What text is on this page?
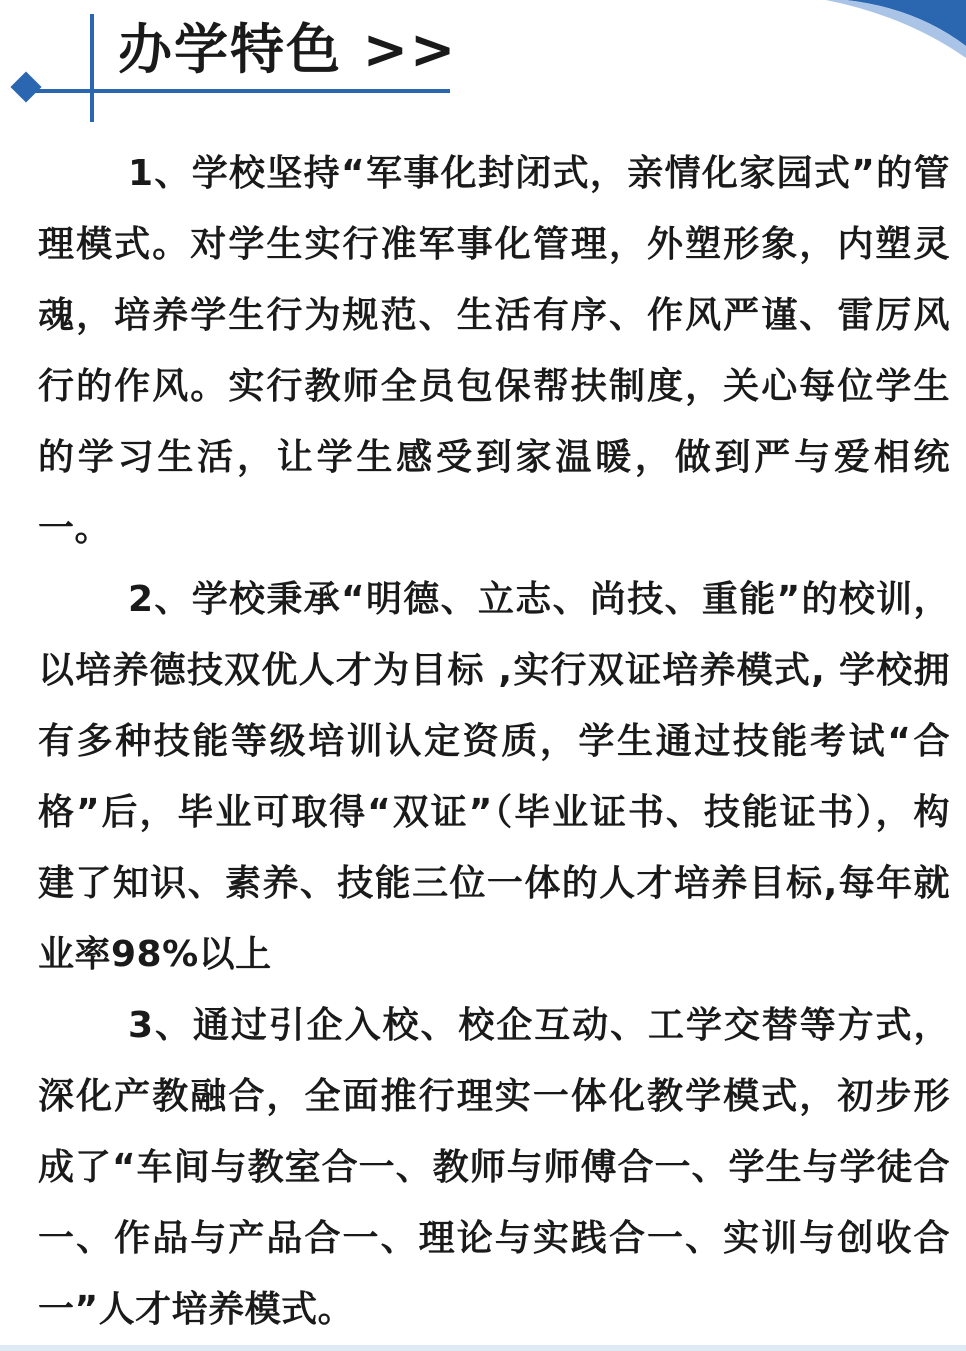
办学特色 >>

1、学校坚持“军事化封闭式，亲情化家园式”的管理模式。对学生实行准军事化管理，外塑形象，内塑灵魂，培养学生行为规范、生活有序、作风严谨、雷厉风行的作风。实行教师全员包保帮扶制度，关心每位学生的学习生活，让学生感受到家温暖，做到严与爱相统一。

2、学校秉承“明德、立志、尚技、重能”的校训， 以培养德技双优人才为目标 ,实行双证培养模式, 学校拥有多种技能等级培训认定资质，学生通过技能考试“合格”后，毕业可取得“双证”（毕业证书、技能证书），构建了知识、素养、技能三位一体的人才培养目标,每年就业率98%以上

3、通过引企入校、校企互动、工学交替等方式，深化产教融合，全面推行理实一体化教学模式，初步形成了“车间与教室合一、教师与师傅合一、学生与学徒合一、作品与产品合一、理论与实践合一、实训与创收合一”人才培养模式。
